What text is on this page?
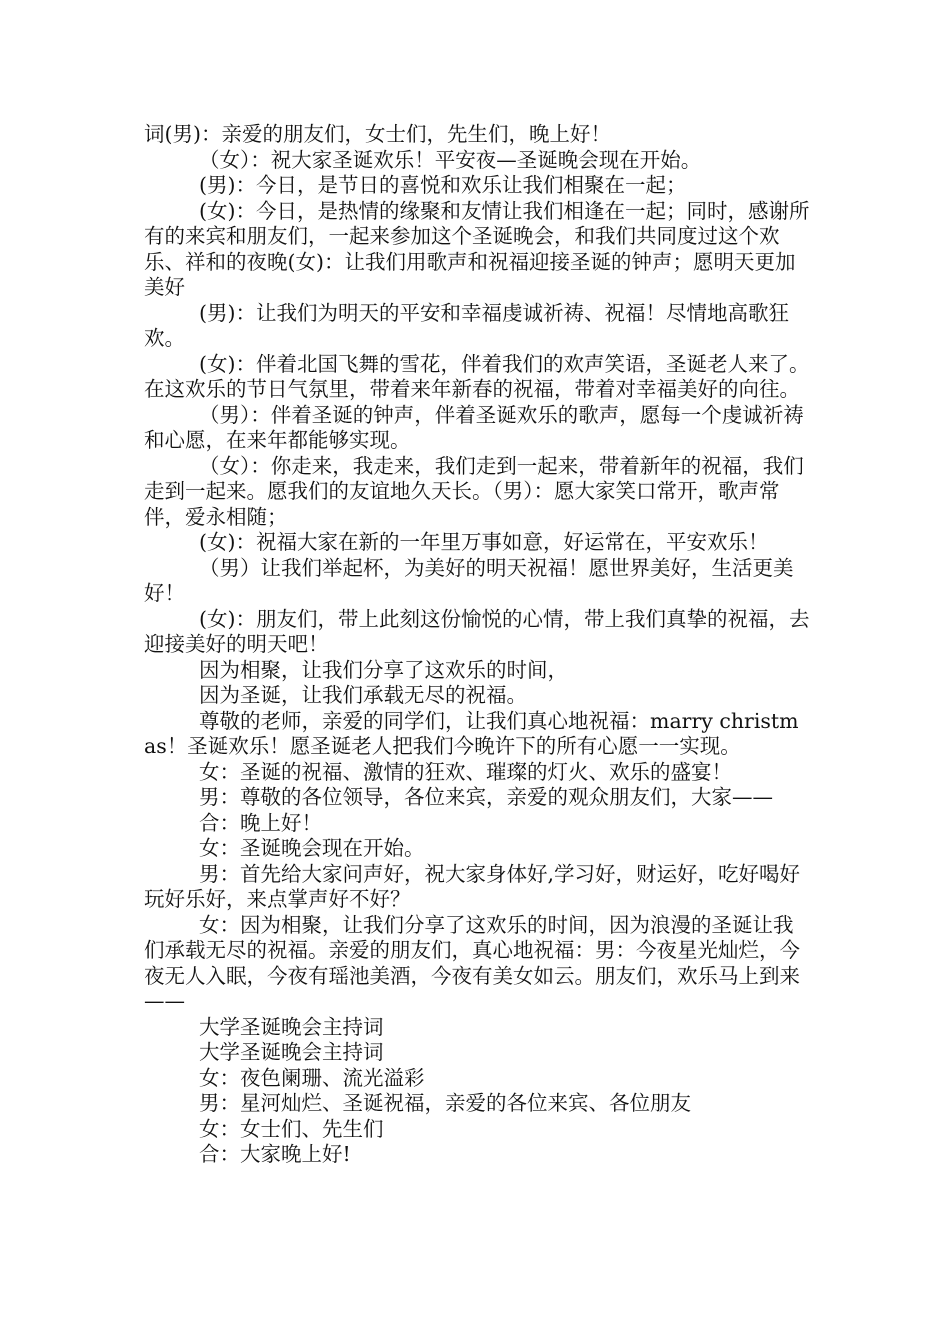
词(男)：亲爱的朋友们，女士们，先生们，晚上好！

（女）：祝大家圣诞欢乐！平安夜—圣诞晚会现在开始。

(男)：今日，是节日的喜悦和欢乐让我们相聚在一起；

(女)：今日，是热情的缘聚和友情让我们相逢在一起；同时，感谢所有的来宾和朋友们，一起来参加这个圣诞晚会，和我们共同度过这个欢乐、祥和的夜晚(女)：让我们用歌声和祝福迎接圣诞的钟声；愿明天更加美好

(男)：让我们为明天的平安和幸福虔诚祈祷、祝福！尽情地高歌狂欢。

(女)：伴着北国飞舞的雪花，伴着我们的欢声笑语，圣诞老人来了。在这欢乐的节日气氛里，带着来年新春的祝福，带着对幸福美好的向往。

（男）：伴着圣诞的钟声，伴着圣诞欢乐的歌声，愿每一个虔诚祈祷和心愿，在来年都能够实现。

（女）：你走来，我走来，我们走到一起来，带着新年的祝福，我们走到一起来。愿我们的友谊地久天长。（男）：愿大家笑口常开，歌声常伴，爱永相随；

(女)：祝福大家在新的一年里万事如意，好运常在，平安欢乐！

（男）让我们举起杯，为美好的明天祝福！愿世界美好，生活更美好！

(女)：朋友们，带上此刻这份愉悦的心情，带上我们真挚的祝福，去迎接美好的明天吧！

因为相聚，让我们分享了这欢乐的时间，

因为圣诞，让我们承载无尽的祝福。

尊敬的老师，亲爱的同学们，让我们真心地祝福：marry christmas！圣诞欢乐！愿圣诞老人把我们今晚许下的所有心愿一一实现。

女：圣诞的祝福、激情的狂欢、璀璨的灯火、欢乐的盛宴！

男：尊敬的各位领导，各位来宾，亲爱的观众朋友们，大家——

合：晚上好！

女：圣诞晚会现在开始。

男：首先给大家问声好，祝大家身体好,学习好，财运好，吃好喝好玩好乐好，来点掌声好不好？

女：因为相聚，让我们分享了这欢乐的时间，因为浪漫的圣诞让我们承载无尽的祝福。亲爱的朋友们，真心地祝福：男：今夜星光灿烂，今夜无人入眠，今夜有瑶池美酒，今夜有美女如云。朋友们，欢乐马上到来——

大学圣诞晚会主持词

大学圣诞晚会主持词

女：夜色阑珊、流光溢彩

男：星河灿烂、圣诞祝福，亲爱的各位来宾、各位朋友

女：女士们、先生们

合：大家晚上好!
